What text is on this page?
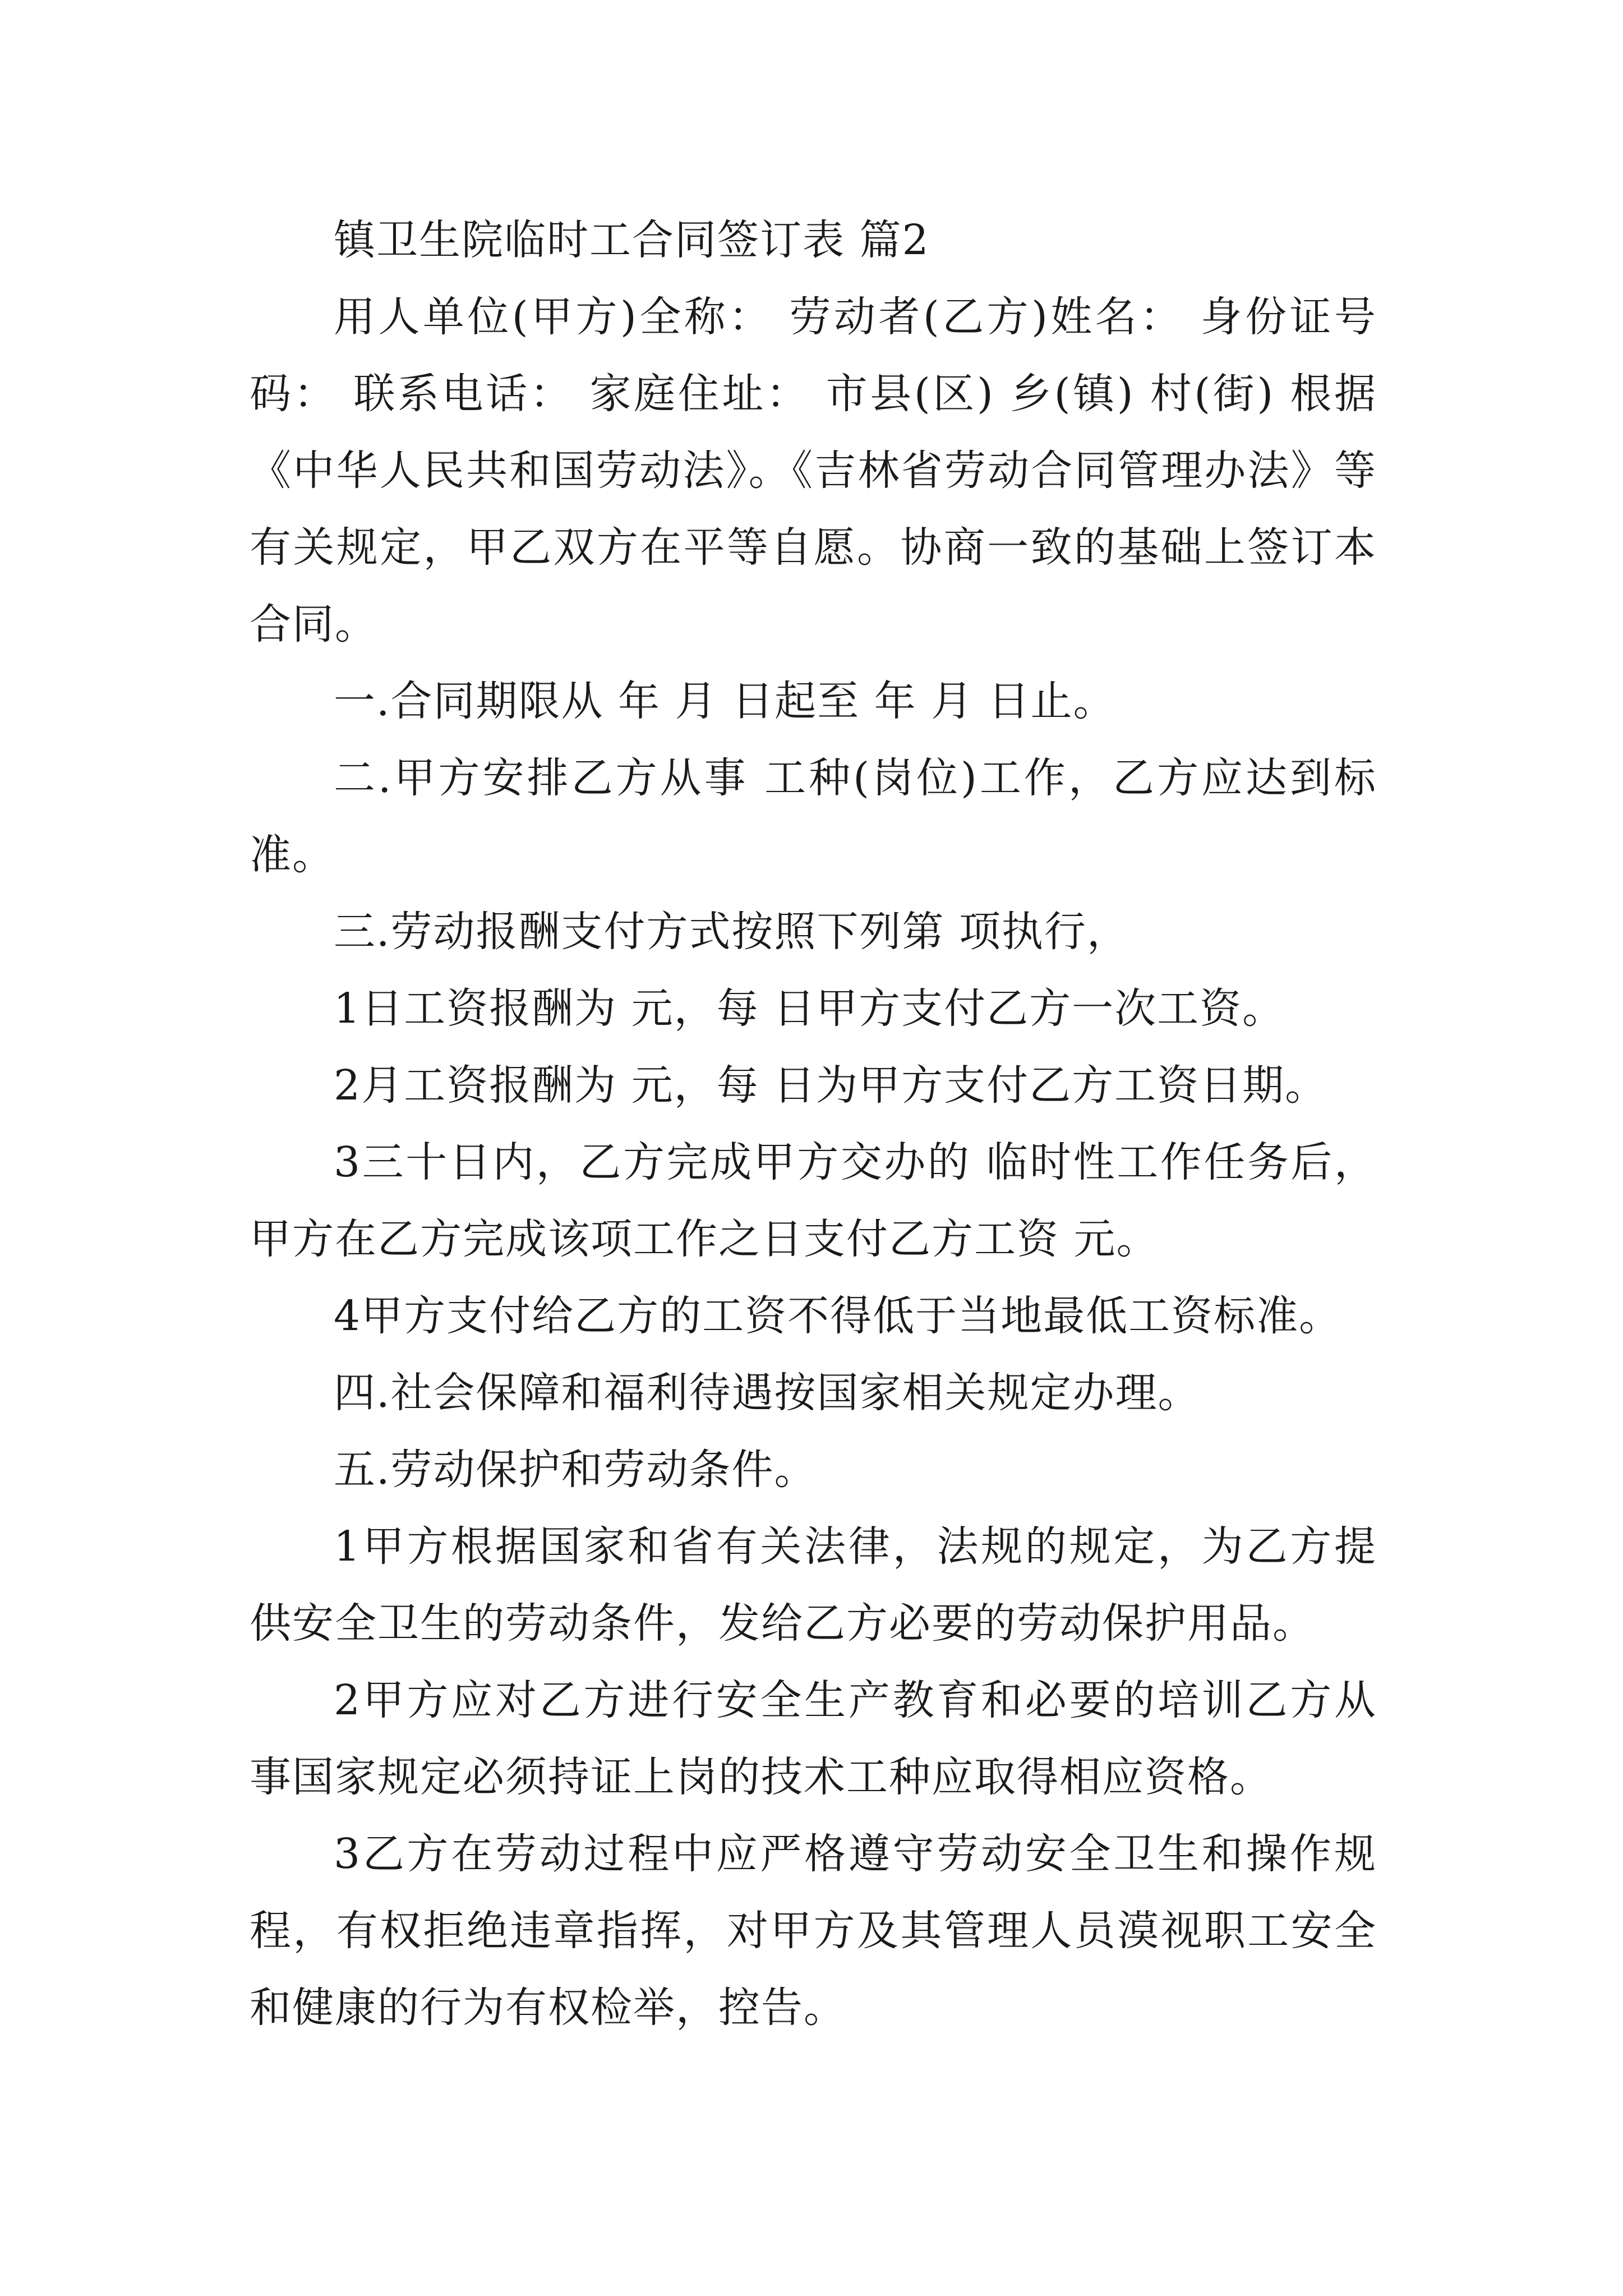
镇卫生院临时工合同签订表 篇2

用人单位(甲方)全称： 劳动者(乙方)姓名： 身份证号码： 联系电话： 家庭住址： 市县(区) 乡(镇) 村(街) 根据《中华人民共和国劳动法》。《吉林省劳动合同管理办法》等有关规定，甲乙双方在平等自愿。协商一致的基础上签订本合同。

一.合同期限从 年 月 日起至 年 月 日止。

二.甲方安排乙方从事 工种(岗位)工作，乙方应达到标准。

三.劳动报酬支付方式按照下列第 项执行，

1日工资报酬为 元，每 日甲方支付乙方一次工资。

2月工资报酬为 元，每 日为甲方支付乙方工资日期。

3三十日内，乙方完成甲方交办的 临时性工作任务后，甲方在乙方完成该项工作之日支付乙方工资 元。

4甲方支付给乙方的工资不得低于当地最低工资标准。

四.社会保障和福利待遇按国家相关规定办理。

五.劳动保护和劳动条件。

1甲方根据国家和省有关法律，法规的规定，为乙方提供安全卫生的劳动条件，发给乙方必要的劳动保护用品。

2甲方应对乙方进行安全生产教育和必要的培训乙方从事国家规定必须持证上岗的技术工种应取得相应资格。

3乙方在劳动过程中应严格遵守劳动安全卫生和操作规程，有权拒绝违章指挥，对甲方及其管理人员漠视职工安全和健康的行为有权检举，控告。
